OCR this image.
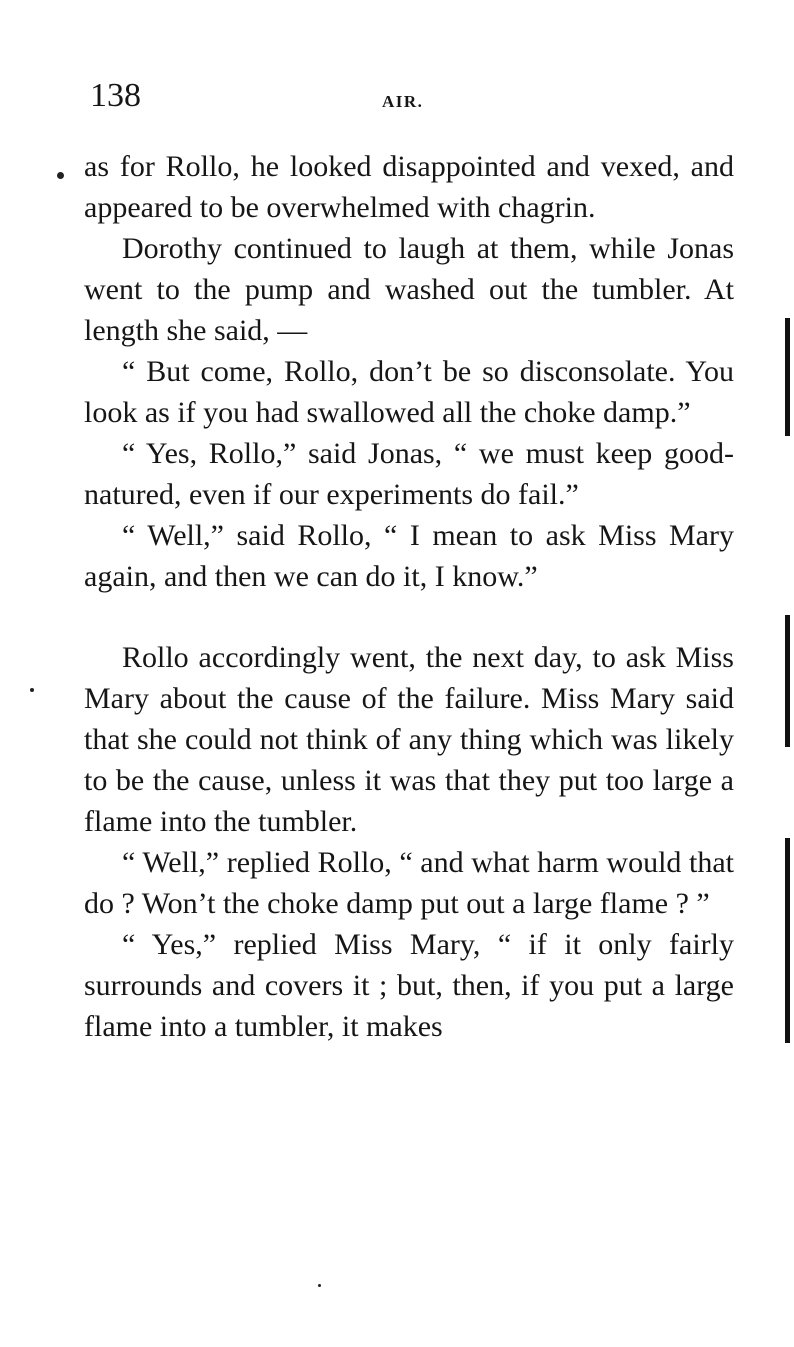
138	AIR.

as for Rollo, he looked disappointed and vexed, and appeared to be overwhelmed with chagrin.

Dorothy continued to laugh at them, while Jonas went to the pump and washed out the tumbler. At length she said, —

“ But come, Rollo, don’t be so disconsolate. You look as if you had swallowed all the choke damp.”

“ Yes, Rollo,” said Jonas, “ we must keep good-natured, even if our experiments do fail.”

“ Well,” said Rollo, “ I mean to ask Miss Mary again, and then we can do it, I know.”

Rollo accordingly went, the next day, to ask Miss Mary about the cause of the failure. Miss Mary said that she could not think of any thing which was likely to be the cause, unless it was that they put too large a flame into the tumbler.

“ Well,” replied Rollo, “ and what harm would that do ? Won’t the choke damp put out a large flame ? ”

“ Yes,” replied Miss Mary, “ if it only fairly surrounds and covers it ; but, then, if you put a large flame into a tumbler, it makes
